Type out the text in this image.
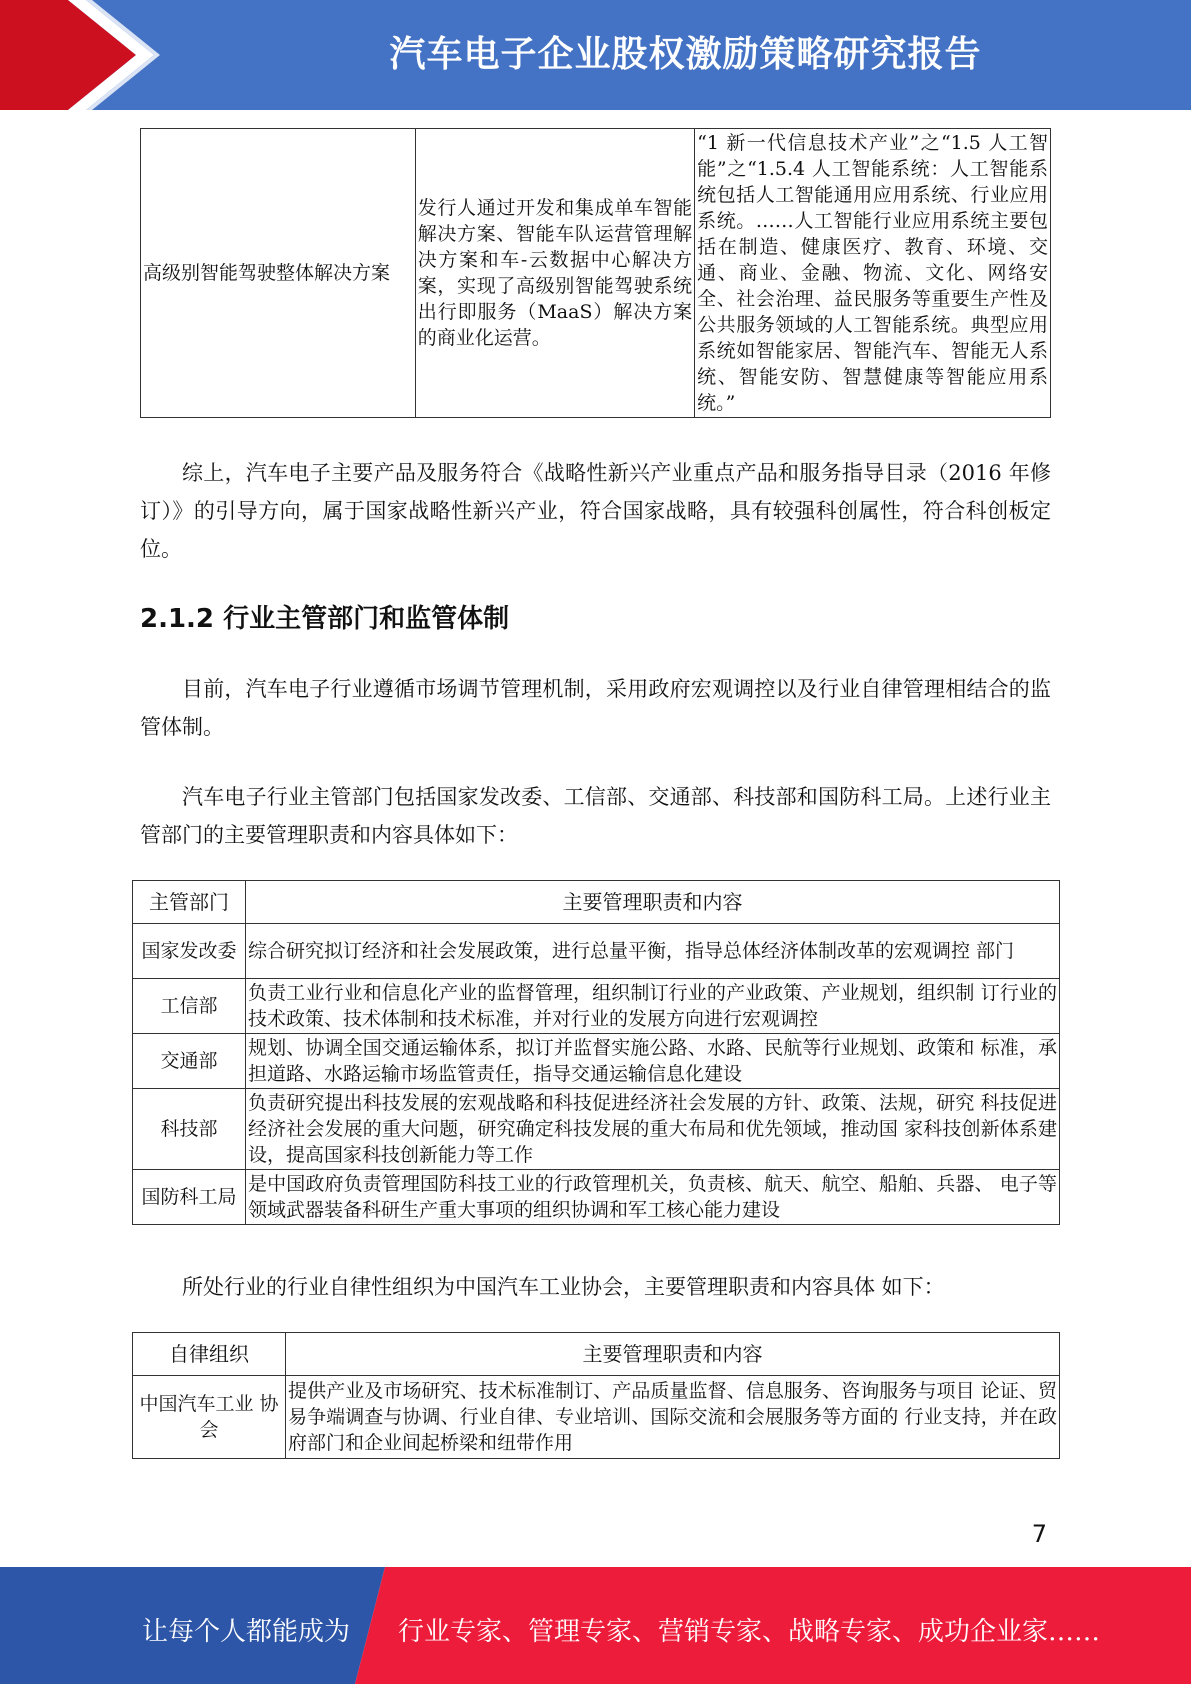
汽车电子企业股权激励策略研究报告
高级别智能驾驶整体解决方案	发行人通过开发和集成单车智能解决方案、智能车队运营管理解决方案和车-云数据中心解决方案，实现了高级别智能驾驶系统出行即服务（MaaS）解决方案的商业化运营。	“1 新一代信息技术产业”之“1.5 人工智能”之“1.5.4 人工智能系统：人工智能系统包括人工智能通用应用系统、行业应用系统。……人工智能行业应用系统主要包括在制造、健康医疗、教育、环境、交通、商业、金融、物流、文化、网络安全、社会治理、益民服务等重要生产性及公共服务领域的人工智能系统。典型应用系统如智能家居、智能汽车、智能无人系统、智能安防、智慧健康等智能应用系统。”

综上，汽车电子主要产品及服务符合《战略性新兴产业重点产品和服务指导目录（2016 年修订）》的引导方向，属于国家战略性新兴产业，符合国家战略，具有较强科创属性，符合科创板定位。

2.1.2 行业主管部门和监管体制

目前，汽车电子行业遵循市场调节管理机制，采用政府宏观调控以及行业自律管理相结合的监管体制。

汽车电子行业主管部门包括国家发改委、工信部、交通部、科技部和国防科工局。上述行业主管部门的主要管理职责和内容具体如下：

主管部门	主要管理职责和内容
国家发改委	综合研究拟订经济和社会发展政策，进行总量平衡，指导总体经济体制改革的宏观调控 部门
工信部	负责工业行业和信息化产业的监督管理，组织制订行业的产业政策、产业规划，组织制 订行业的技术政策、技术体制和技术标准，并对行业的发展方向进行宏观调控
交通部	规划、协调全国交通运输体系，拟订并监督实施公路、水路、民航等行业规划、政策和 标准，承担道路、水路运输市场监管责任，指导交通运输信息化建设
科技部	负责研究提出科技发展的宏观战略和科技促进经济社会发展的方针、政策、法规，研究 科技促进经济社会发展的重大问题，研究确定科技发展的重大布局和优先领域，推动国 家科技创新体系建设，提高国家科技创新能力等工作
国防科工局	是中国政府负责管理国防科技工业的行政管理机关，负责核、航天、航空、船舶、兵器、 电子等领域武器装备科研生产重大事项的组织协调和军工核心能力建设

所处行业的行业自律性组织为中国汽车工业协会，主要管理职责和内容具体 如下：

自律组织	主要管理职责和内容
中国汽车工业 协会	提供产业及市场研究、技术标准制订、产品质量监督、信息服务、咨询服务与项目 论证、贸易争端调查与协调、行业自律、专业培训、国际交流和会展服务等方面的 行业支持，并在政府部门和企业间起桥梁和纽带作用
7
让每个人都能成为 行业专家、管理专家、营销专家、战略专家、成功企业家……
